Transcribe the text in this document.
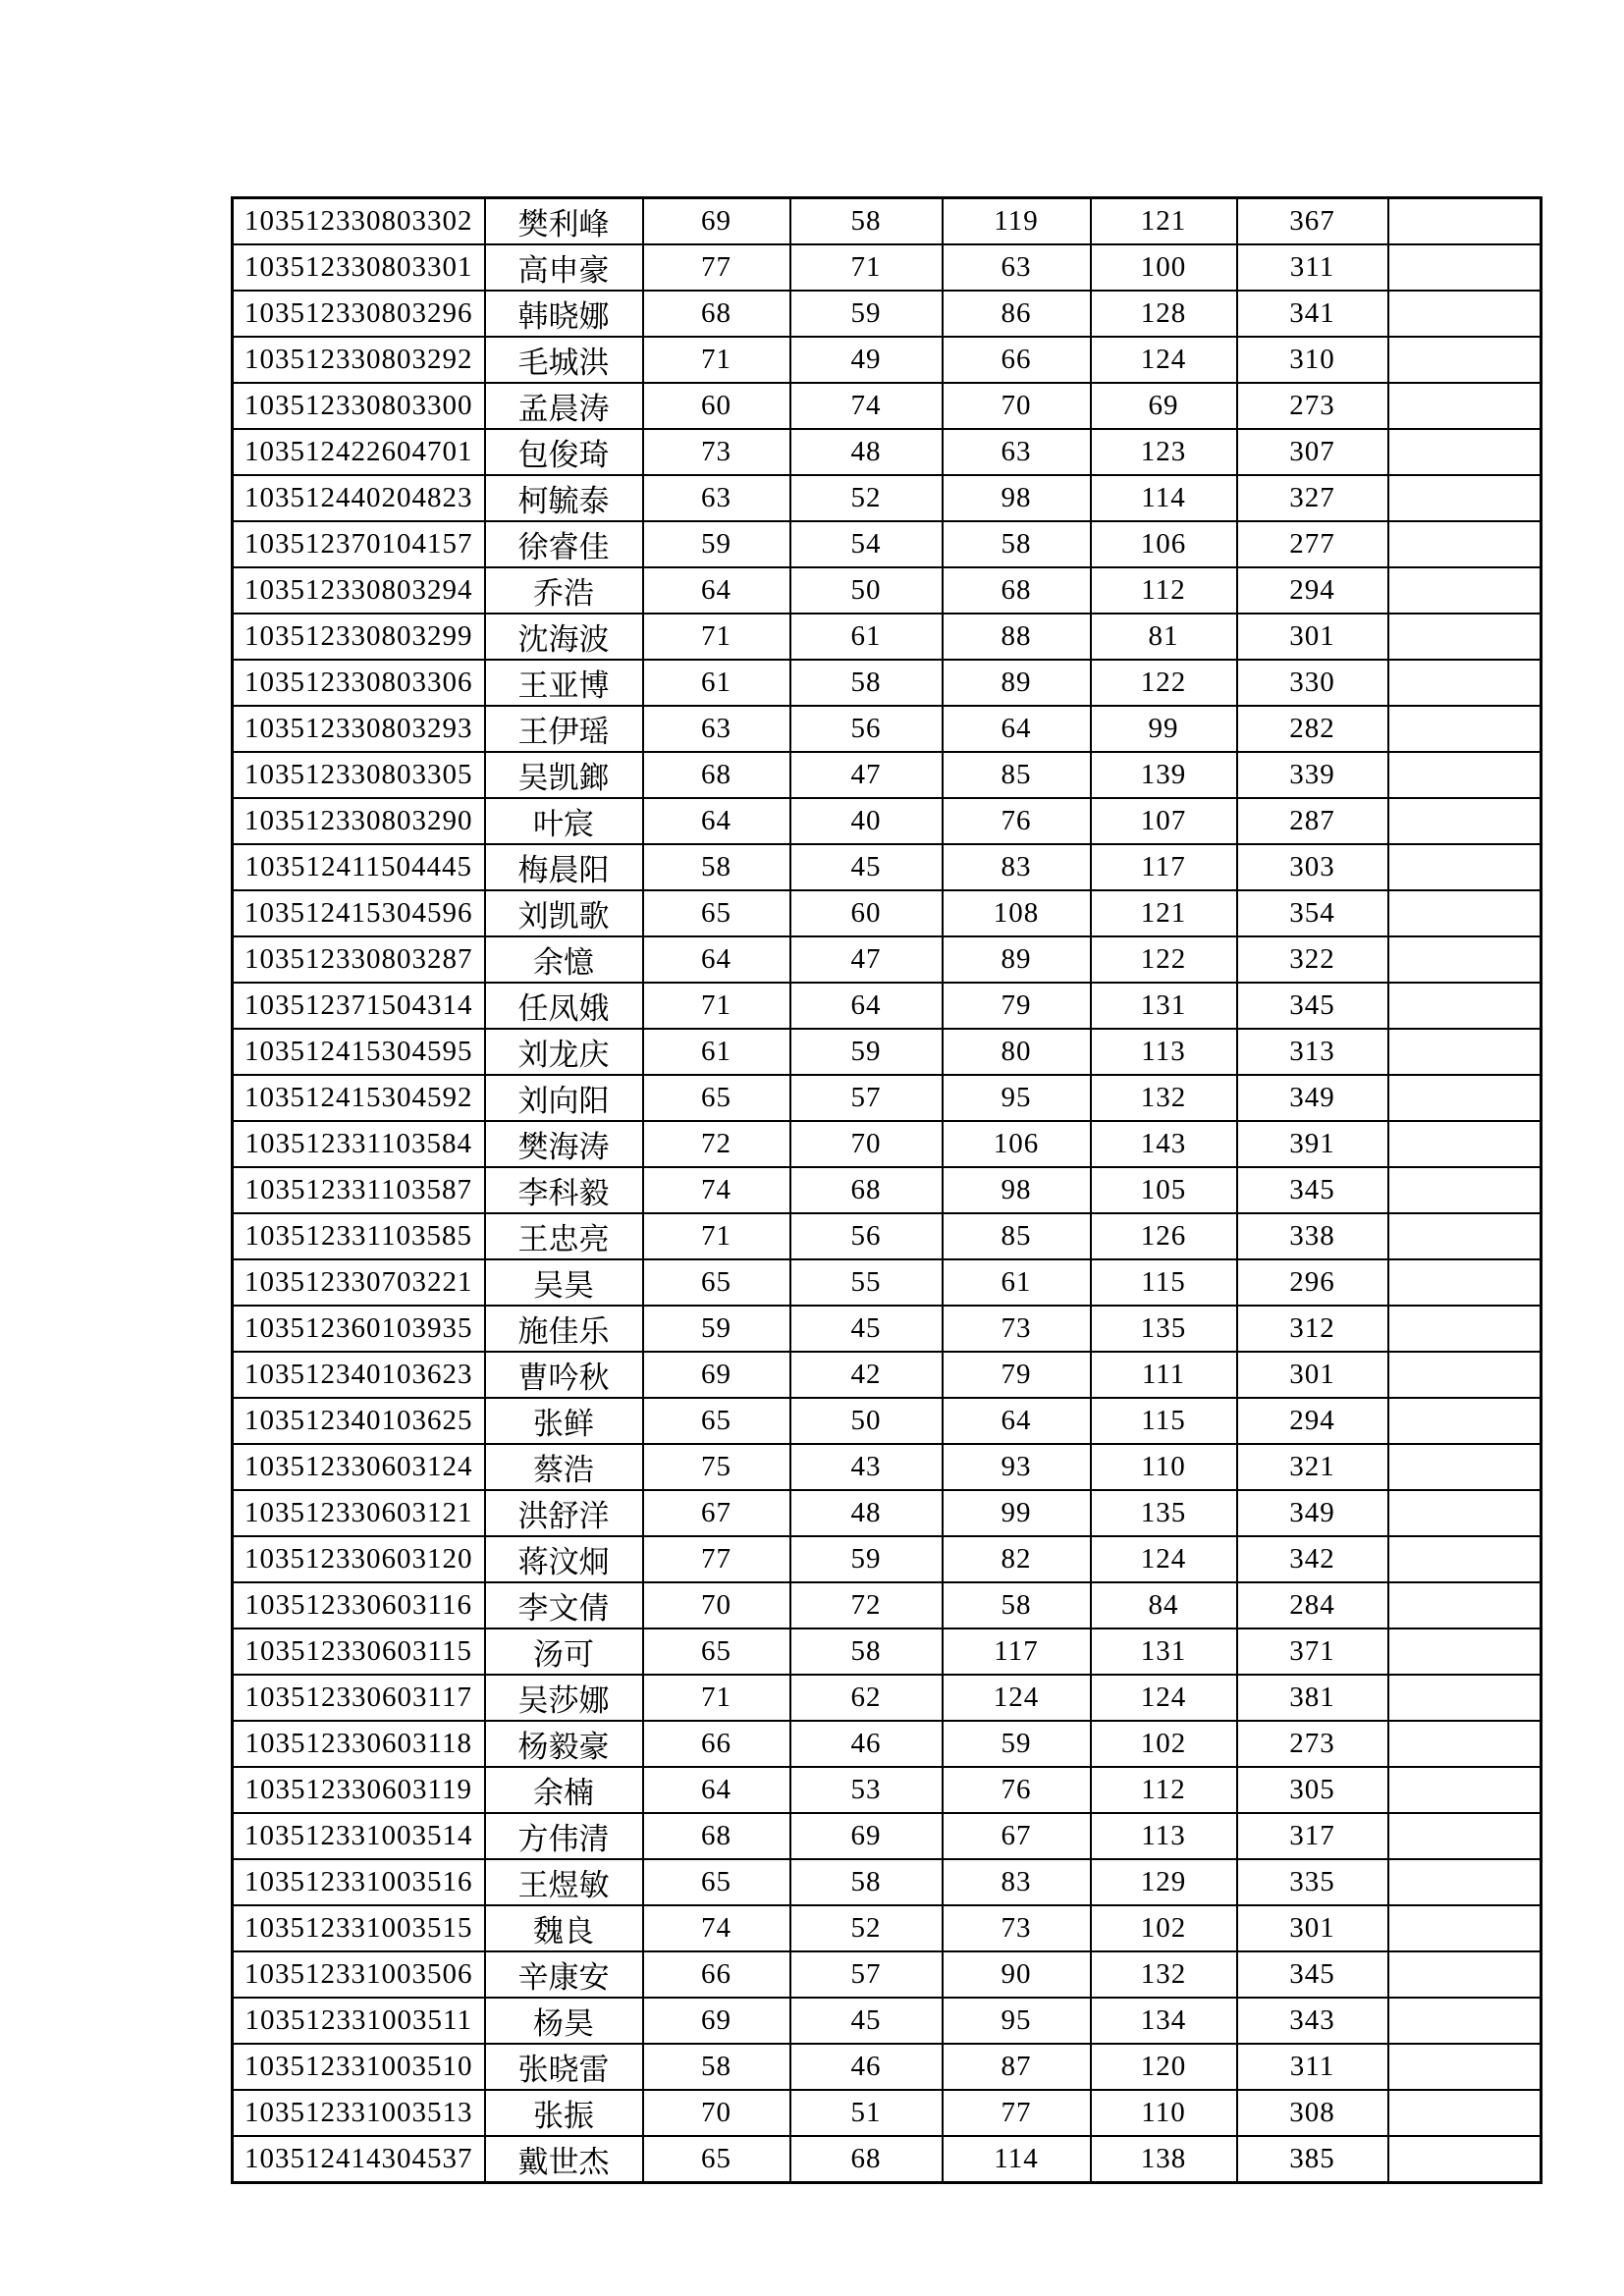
103512330803302	樊利峰	69	58	119	121	367	
103512330803301	高申豪	77	71	63	100	311	
103512330803296	韩晓娜	68	59	86	128	341	
103512330803292	毛城洪	71	49	66	124	310	
103512330803300	孟晨涛	60	74	70	69	273	
103512422604701	包俊琦	73	48	63	123	307	
103512440204823	柯毓泰	63	52	98	114	327	
103512370104157	徐睿佳	59	54	58	106	277	
103512330803294	乔浩	64	50	68	112	294	
103512330803299	沈海波	71	61	88	81	301	
103512330803306	王亚博	61	58	89	122	330	
103512330803293	王伊瑶	63	56	64	99	282	
103512330803305	吴凯鎯	68	47	85	139	339	
103512330803290	叶宸	64	40	76	107	287	
103512411504445	梅晨阳	58	45	83	117	303	
103512415304596	刘凯歌	65	60	108	121	354	
103512330803287	余憶	64	47	89	122	322	
103512371504314	任凤娥	71	64	79	131	345	
103512415304595	刘龙庆	61	59	80	113	313	
103512415304592	刘向阳	65	57	95	132	349	
103512331103584	樊海涛	72	70	106	143	391	
103512331103587	李科毅	74	68	98	105	345	
103512331103585	王忠亮	71	56	85	126	338	
103512330703221	吴昊	65	55	61	115	296	
103512360103935	施佳乐	59	45	73	135	312	
103512340103623	曹吟秋	69	42	79	111	301	
103512340103625	张鲜	65	50	64	115	294	
103512330603124	蔡浩	75	43	93	110	321	
103512330603121	洪舒洋	67	48	99	135	349	
103512330603120	蒋汶炯	77	59	82	124	342	
103512330603116	李文倩	70	72	58	84	284	
103512330603115	汤可	65	58	117	131	371	
103512330603117	吴莎娜	71	62	124	124	381	
103512330603118	杨毅豪	66	46	59	102	273	
103512330603119	余楠	64	53	76	112	305	
103512331003514	方伟清	68	69	67	113	317	
103512331003516	王煜敏	65	58	83	129	335	
103512331003515	魏良	74	52	73	102	301	
103512331003506	辛康安	66	57	90	132	345	
103512331003511	杨昊	69	45	95	134	343	
103512331003510	张晓雷	58	46	87	120	311	
103512331003513	张振	70	51	77	110	308	
103512414304537	戴世杰	65	68	114	138	385	
